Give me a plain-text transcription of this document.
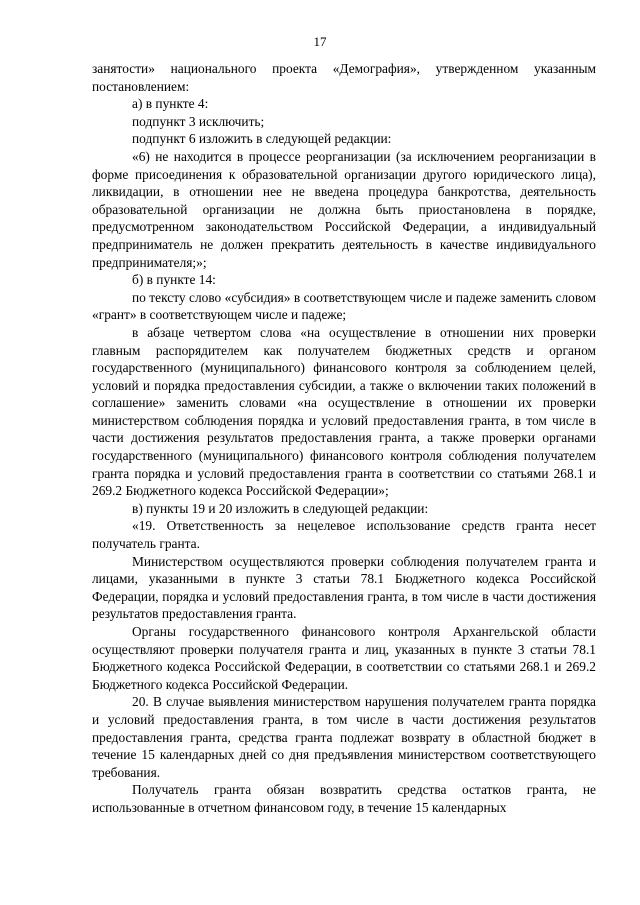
17

занятости» национального проекта «Демография», утвержденном указанным постановлением:

а) в пункте 4:

подпункт 3 исключить;

подпункт 6 изложить в следующей редакции:

«6) не находится в процессе реорганизации (за исключением реорганизации в форме присоединения к образовательной организации другого юридического лица), ликвидации, в отношении нее не введена процедура банкротства, деятельность образовательной организации не должна быть приостановлена в порядке, предусмотренном законодательством Российской Федерации, а индивидуальный предприниматель не должен прекратить деятельность в качестве индивидуального предпринимателя;»;

б) в пункте 14:

по тексту слово «субсидия» в соответствующем числе и падеже заменить словом «грант» в соответствующем числе и падеже;

в абзаце четвертом слова «на осуществление в отношении них проверки главным распорядителем как получателем бюджетных средств и органом государственного (муниципального) финансового контроля за соблюдением целей, условий и порядка предоставления субсидии, а также о включении таких положений в соглашение» заменить словами «на осуществление в отношении их проверки министерством соблюдения порядка и условий предоставления гранта, в том числе в части достижения результатов предоставления гранта, а также проверки органами государственного (муниципального) финансового контроля соблюдения получателем гранта порядка и условий предоставления гранта в соответствии со статьями 268.1 и 269.2 Бюджетного кодекса Российской Федерации»;

в) пункты 19 и 20 изложить в следующей редакции:

«19. Ответственность за нецелевое использование средств гранта несет получатель гранта.

Министерством осуществляются проверки соблюдения получателем гранта и лицами, указанными в пункте 3 статьи 78.1 Бюджетного кодекса Российской Федерации, порядка и условий предоставления гранта, в том числе в части достижения результатов предоставления гранта.

Органы государственного финансового контроля Архангельской области осуществляют проверки получателя гранта и лиц, указанных в пункте 3 статьи 78.1 Бюджетного кодекса Российской Федерации, в соответствии со статьями 268.1 и 269.2 Бюджетного кодекса Российской Федерации.

20. В случае выявления министерством нарушения получателем гранта порядка и условий предоставления гранта, в том числе в части достижения результатов предоставления гранта, средства гранта подлежат возврату в областной бюджет в течение 15 календарных дней со дня предъявления министерством соответствующего требования.

Получатель гранта обязан возвратить средства остатков гранта, не использованные в отчетном финансовом году, в течение 15 календарных
